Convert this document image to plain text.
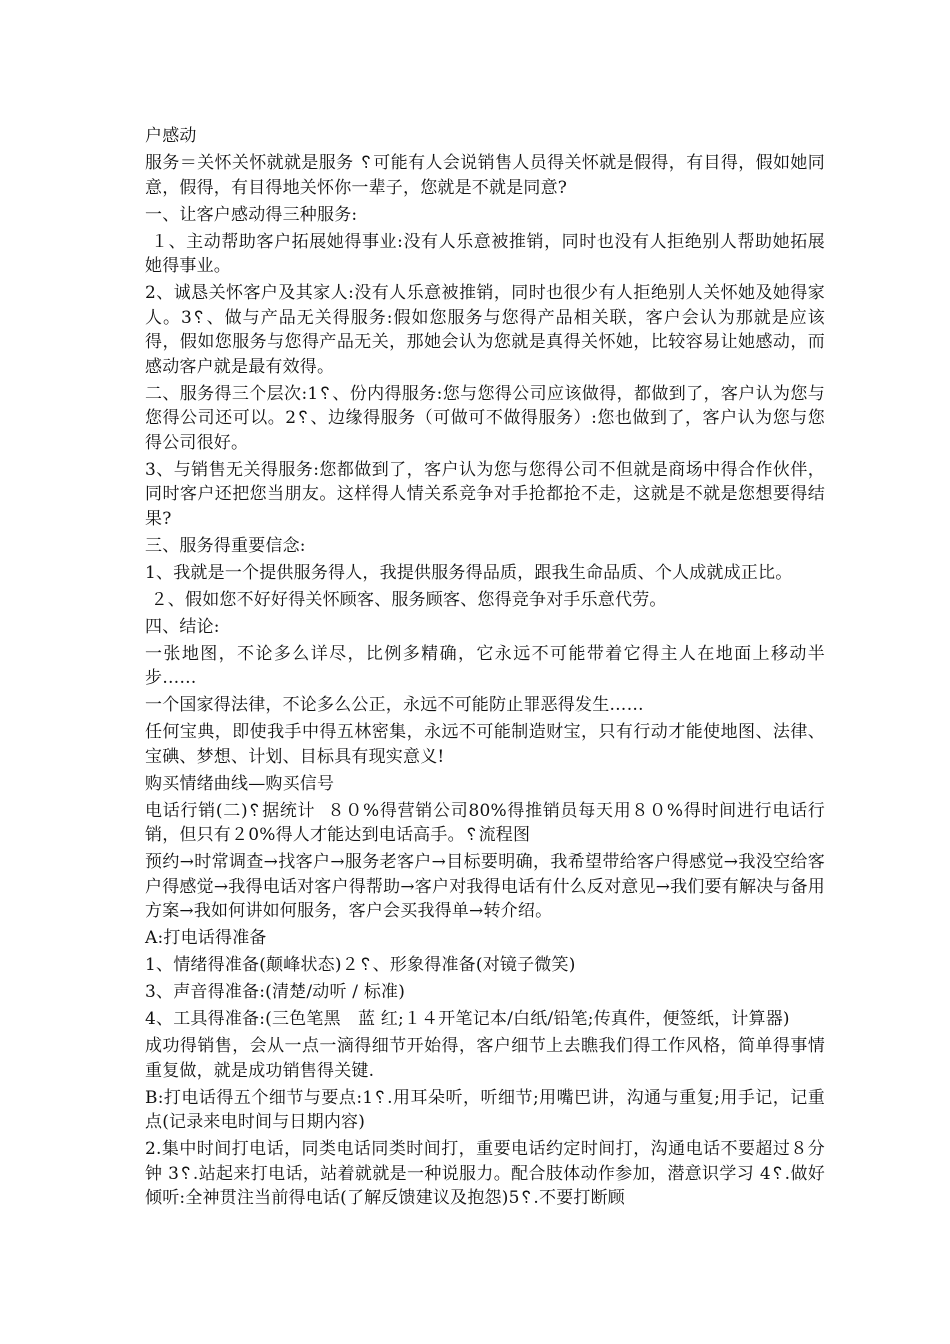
户感动

服务＝关怀关怀就就是服务 ␦可能有人会说销售人员得关怀就是假得，有目得，假如她同意，假得，有目得地关怀你一辈子，您就是不就是同意?

一、让客户感动得三种服务:

１、主动帮助客户拓展她得事业:没有人乐意被推销，同时也没有人拒绝别人帮助她拓展她得事业。

2、诚恳关怀客户及其家人:没有人乐意被推销，同时也很少有人拒绝别人关怀她及她得家人。3␦、做与产品无关得服务:假如您服务与您得产品相关联，客户会认为那就是应该得，假如您服务与您得产品无关，那她会认为您就是真得关怀她，比较容易让她感动，而感动客户就是最有效得。

二、服务得三个层次:1␦、份内得服务:您与您得公司应该做得，都做到了，客户认为您与您得公司还可以。2␦、边缘得服务（可做可不做得服务）:您也做到了，客户认为您与您得公司很好。

3、与销售无关得服务:您都做到了，客户认为您与您得公司不但就是商场中得合作伙伴，同时客户还把您当朋友。这样得人情关系竞争对手抢都抢不走，这就是不就是您想要得结果?

三、服务得重要信念:

1、我就是一个提供服务得人，我提供服务得品质，跟我生命品质、个人成就成正比。

２、假如您不好好得关怀顾客、服务顾客、您得竞争对手乐意代劳。

四、结论:

一张地图，不论多么详尽，比例多精确，它永远不可能带着它得主人在地面上移动半步……

一个国家得法律，不论多么公正，永远不可能防止罪恶得发生……

任何宝典，即使我手中得五林密集，永远不可能制造财宝，只有行动才能使地图、法律、宝碘、梦想、计划、目标具有现实意义!

购买情绪曲线—购买信号

电话行销(二)␦据统计  ８０%得营销公司80%得推销员每天用８０%得时间进行电话行销，但只有２0%得人才能达到电话高手。␦流程图

预约→时常调查→找客户→服务老客户→目标要明确，我希望带给客户得感觉→我没空给客户得感觉→我得电话对客户得帮助→客户对我得电话有什么反对意见→我们要有解决与备用方案→我如何讲如何服务，客户会买我得单→转介绍。

A:打电话得准备

1、情绪得准备(颠峰状态)２␦、形象得准备(对镜子微笑)

3、声音得准备:(清楚/动听 / 标准)

4、工具得准备:(三色笔黑　蓝 红;１４开笔记本/白纸/铅笔;传真件，便签纸，计算器)

成功得销售，会从一点一滴得细节开始得，客户细节上去瞧我们得工作风格，简单得事情重复做，就是成功销售得关键.

B:打电话得五个细节与要点:1␦.用耳朵听，听细节;用嘴巴讲，沟通与重复;用手记，记重点(记录来电时间与日期内容)

2.集中时间打电话，同类电话同类时间打，重要电话约定时间打，沟通电话不要超过８分钟 3␦.站起来打电话，站着就就是一种说服力。配合肢体动作参加，潜意识学习 4␦.做好倾听:全神贯注当前得电话(了解反馈建议及抱怨)5␦.不要打断顾
